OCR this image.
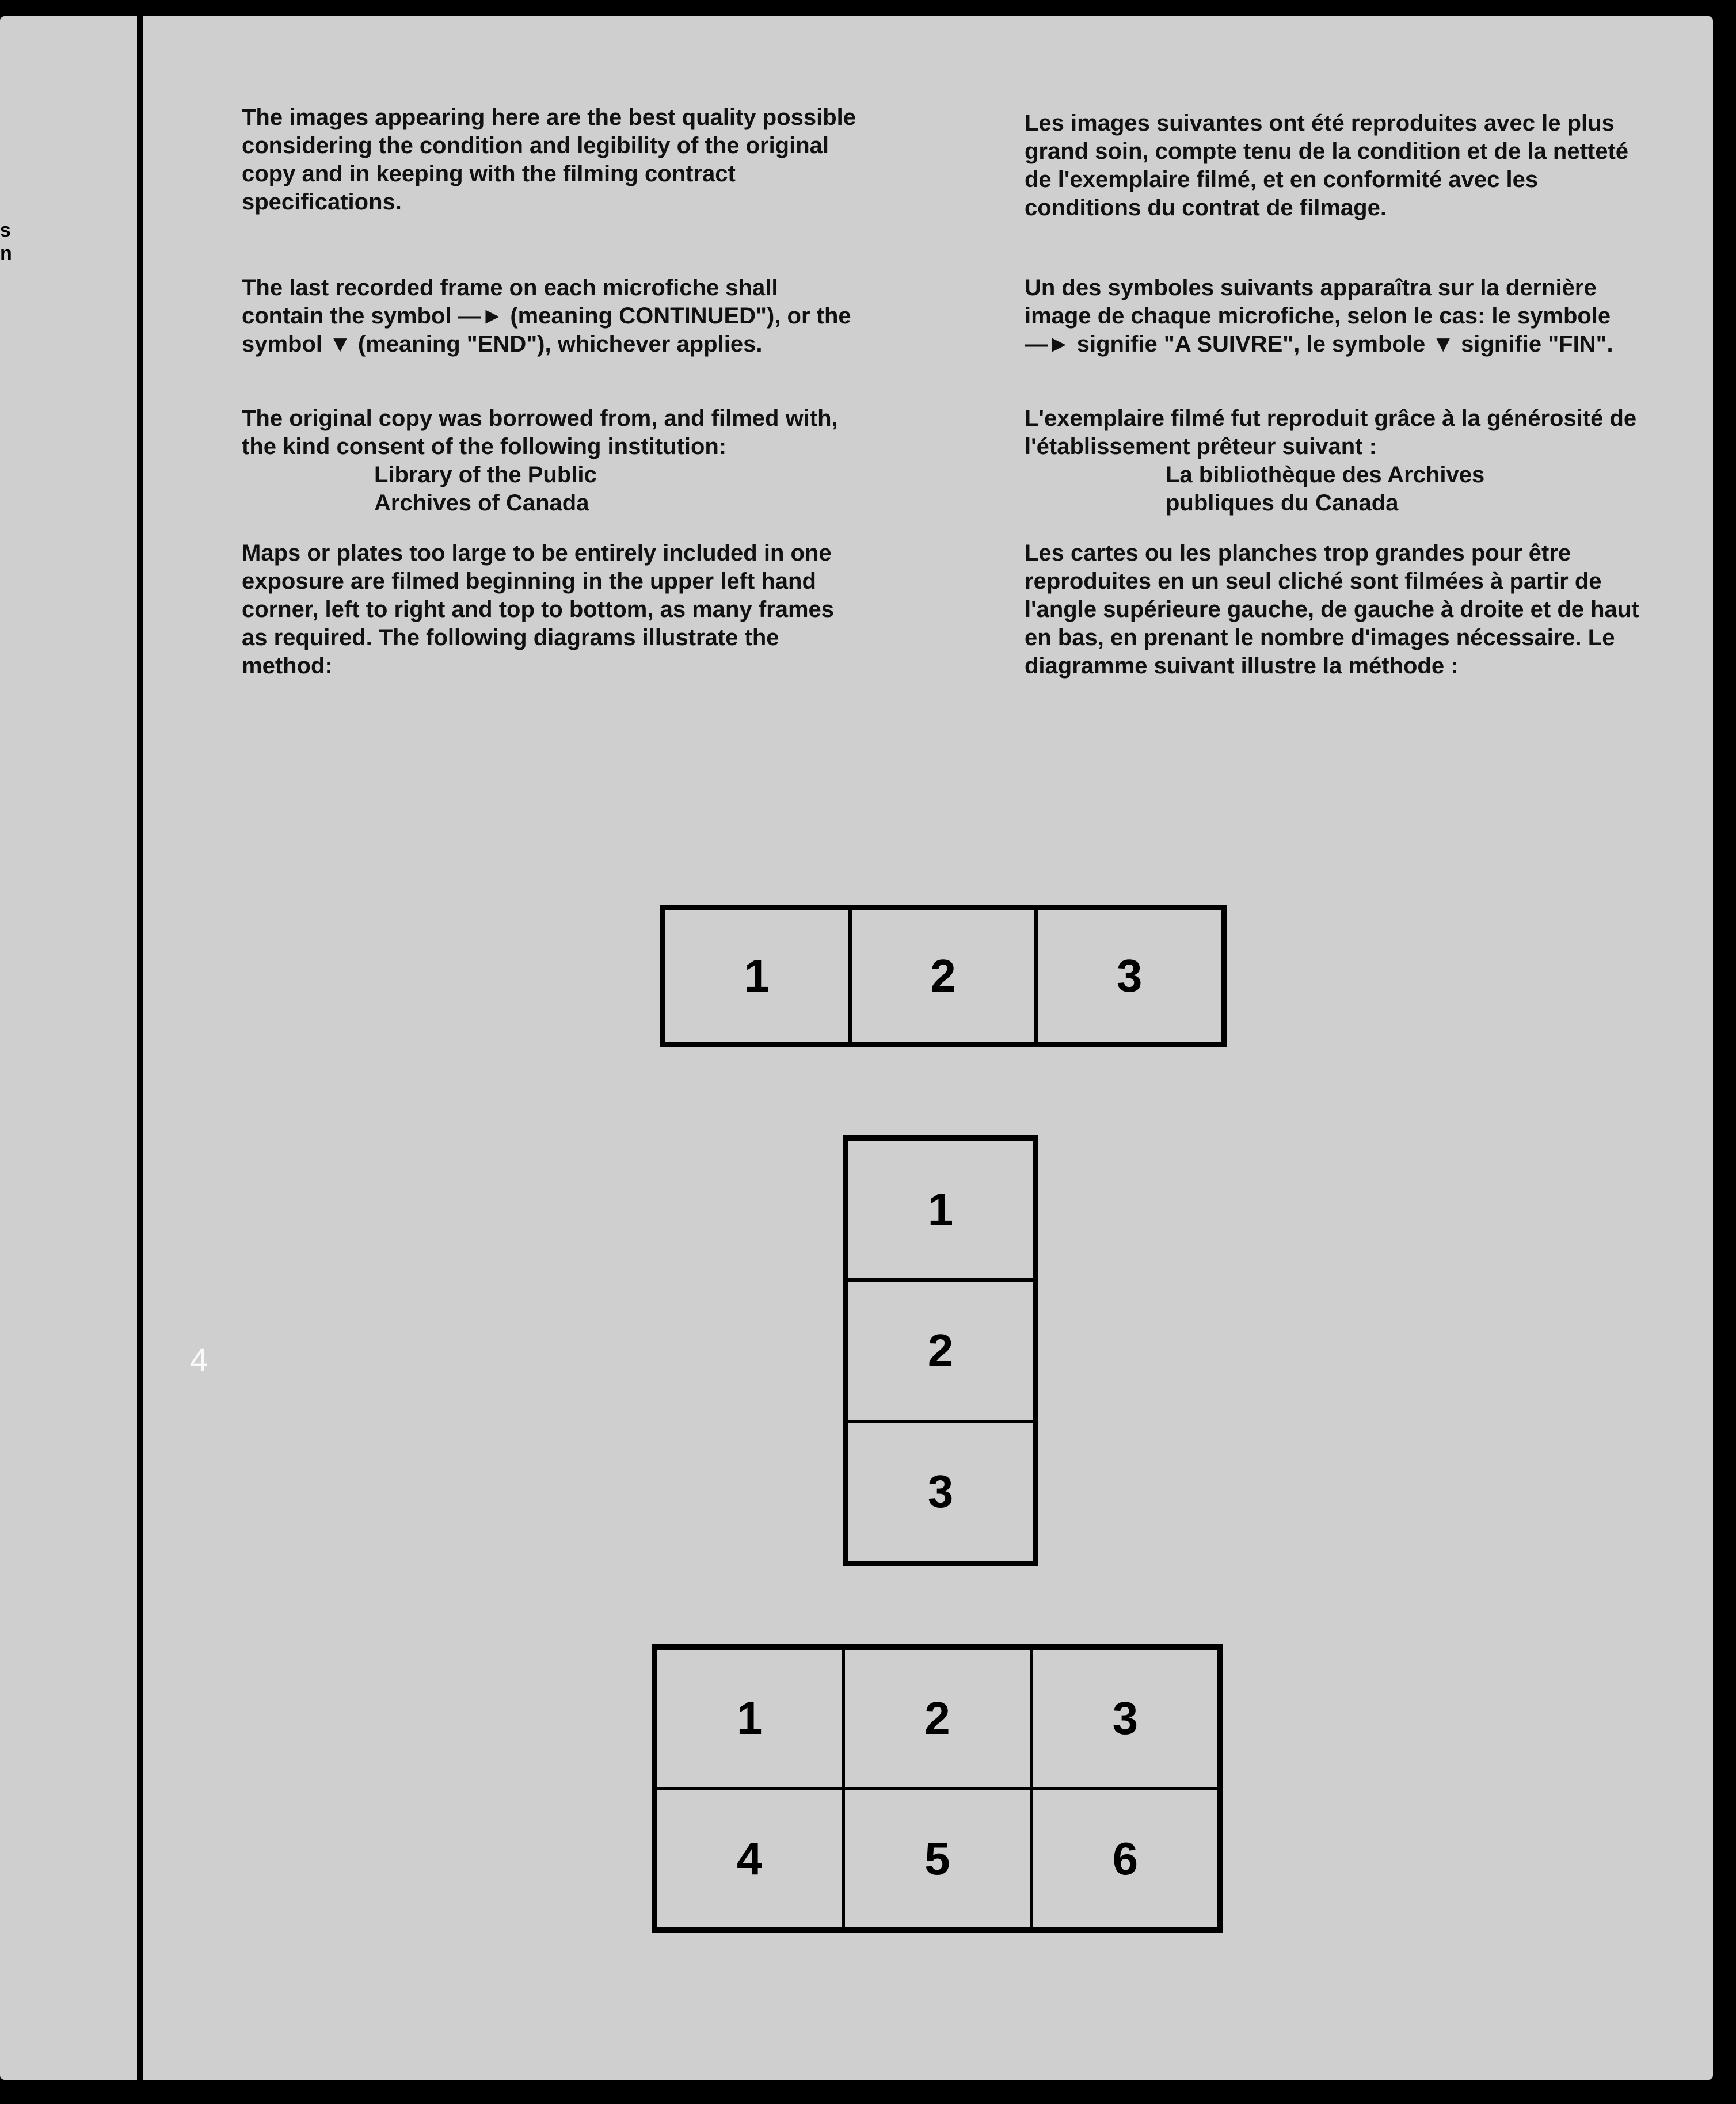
s
n

The images appearing here are the best quality possible considering the condition and legibility of the original copy and in keeping with the filming contract specifications.

The last recorded frame on each microfiche shall contain the symbol —► (meaning CONTINUED"), or the symbol ▼ (meaning "END"), whichever applies.

The original copy was borrowed from, and filmed with, the kind consent of the following institution:

Library of the Public

Archives of Canada

Maps or plates too large to be entirely included in one exposure are filmed beginning in the upper left hand corner, left to right and top to bottom, as many frames as required. The following diagrams illustrate the method:

Les images suivantes ont été reproduites avec le plus grand soin, compte tenu de la condition et de la netteté de l'exemplaire filmé, et en conformité avec les conditions du contrat de filmage.

Un des symboles suivants apparaîtra sur la dernière image de chaque microfiche, selon le cas: le symbole —► signifie "A SUIVRE", le symbole ▼ signifie "FIN".

L'exemplaire filmé fut reproduit grâce à la générosité de l'établissement prêteur suivant :

La bibliothèque des Archives

publiques du Canada

Les cartes ou les planches trop grandes pour être reproduites en un seul cliché sont filmées à partir de l'angle supérieure gauche, de gauche à droite et de haut en bas, en prenant le nombre d'images nécessaire. Le diagramme suivant illustre la méthode :

1	2	3
1
2
3
1	2	3
4	5	6
4
